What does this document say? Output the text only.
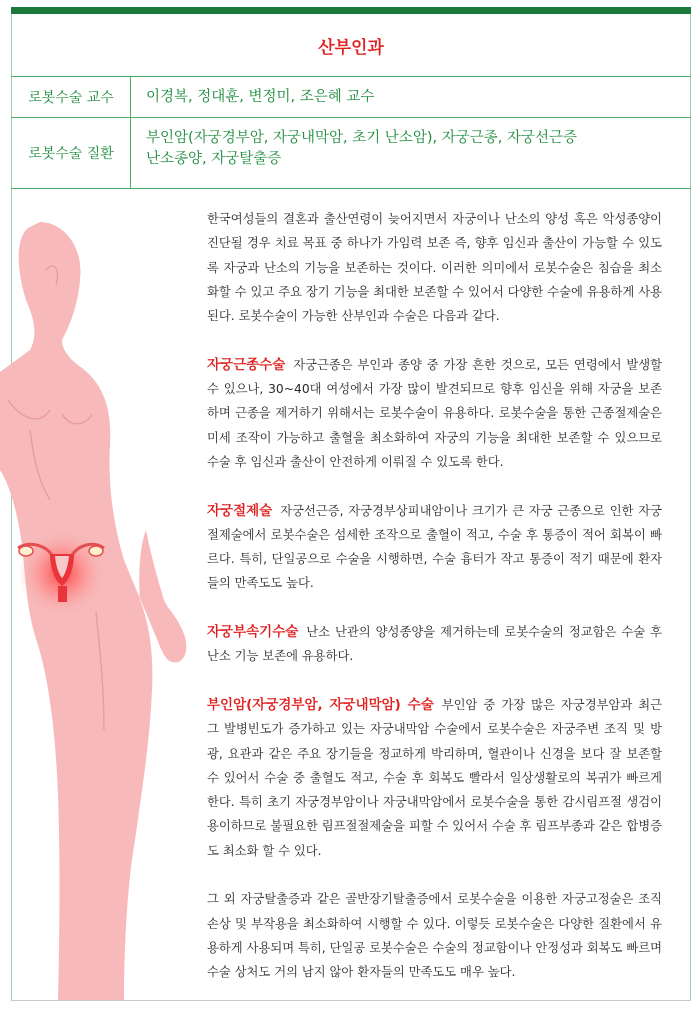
산부인과
로봇수술 교수	이경복, 정대훈, 변정미, 조은혜 교수
로봇수술 질환
부인암(자궁경부암, 자궁내막암, 초기 난소암), 자궁근종, 자궁선근증
난소종양, 자궁탈출증

한국여성들의 결혼과 출산연령이 늦어지면서 자궁이나 난소의 양성 혹은 악성종양이 진단될 경우 치료 목표 중 하나가 가임력 보존 즉, 향후 임신과 출산이 가능할 수 있도록 자궁과 난소의 기능을 보존하는 것이다. 이러한 의미에서 로봇수술은 침습을 최소화할 수 있고 주요 장기 기능을 최대한 보존할 수 있어서 다양한 수술에 유용하게 사용된다. 로봇수술이 가능한 산부인과 수술은 다음과 같다.

자궁근종수술 자궁근종은 부인과 종양 중 가장 흔한 것으로, 모든 연령에서 발생할 수 있으나, 30~40대 여성에서 가장 많이 발견되므로 향후 임신을 위해 자궁을 보존하며 근종을 제거하기 위해서는 로봇수술이 유용하다. 로봇수술을 통한 근종절제술은 미세 조작이 가능하고 출혈을 최소화하여 자궁의 기능을 최대한 보존할 수 있으므로 수술 후 임신과 출산이 안전하게 이뤄질 수 있도록 한다.

자궁절제술 자궁선근증, 자궁경부상피내암이나 크기가 큰 자궁 근종으로 인한 자궁절제술에서 로봇수술은 섬세한 조작으로 출혈이 적고, 수술 후 통증이 적어 회복이 빠르다. 특히, 단일공으로 수술을 시행하면, 수술 흉터가 작고 통증이 적기 때문에 환자들의 만족도도 높다.

자궁부속기수술 난소 난관의 양성종양을 제거하는데 로봇수술의 정교함은 수술 후 난소 기능 보존에 유용하다.

부인암(자궁경부암, 자궁내막암) 수술 부인암 중 가장 많은 자궁경부암과 최근 그 발병빈도가 증가하고 있는 자궁내막암 수술에서 로봇수술은 자궁주변 조직 및 방광, 요관과 같은 주요 장기들을 정교하게 박리하며, 혈관이나 신경을 보다 잘 보존할 수 있어서 수술 중 출혈도 적고, 수술 후 회복도 빨라서 일상생활로의 복귀가 빠르게 한다. 특히 초기 자궁경부암이나 자궁내막암에서 로봇수술을 통한 감시림프절 생검이 용이하므로 불필요한 림프절절제술을 피할 수 있어서 수술 후 림프부종과 같은 합병증도 최소화 할 수 있다.

그 외 자궁탈출증과 같은 골반장기탈출증에서 로봇수술을 이용한 자궁고정술은 조직손상 및 부작용을 최소화하여 시행할 수 있다. 이렇듯 로봇수술은 다양한 질환에서 유용하게 사용되며 특히, 단일공 로봇수술은 수술의 정교함이나 안정성과 회복도 빠르며 수술 상처도 거의 남지 않아 환자들의 만족도도 매우 높다.
